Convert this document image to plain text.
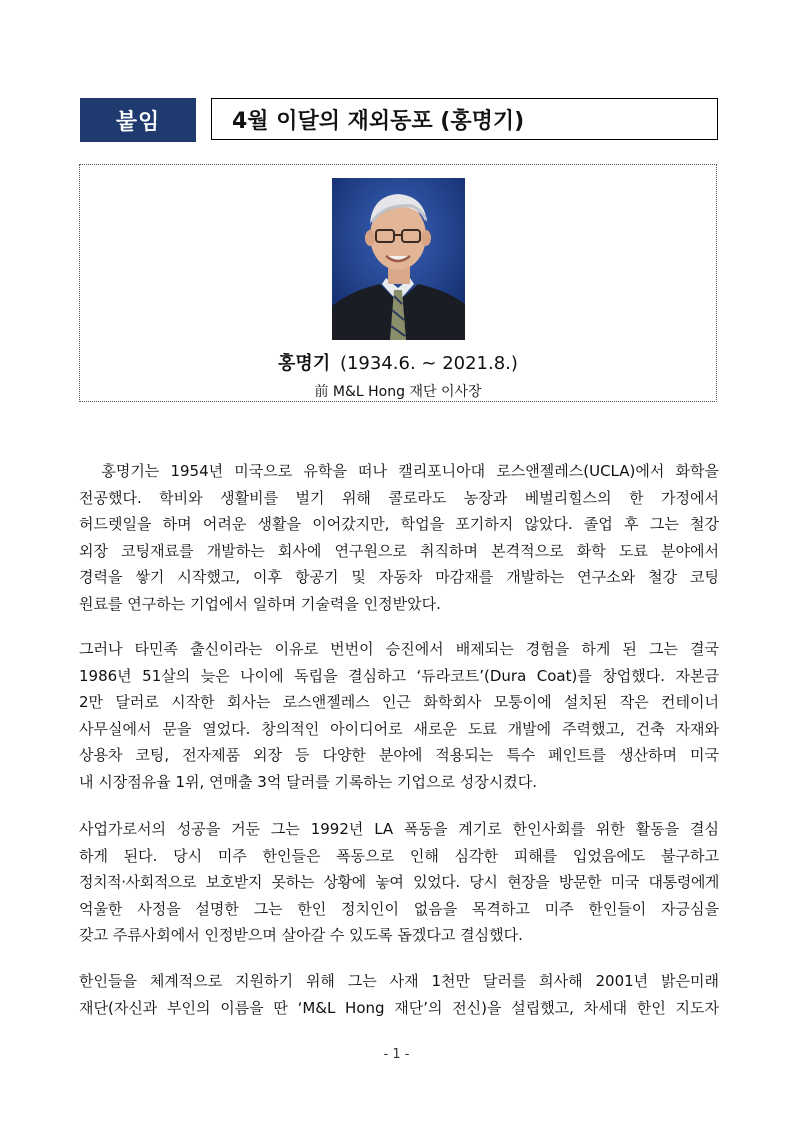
붙임	4월 이달의 재외동포 (홍명기)
홍명기 (1934.6. ~ 2021.8.)
前 M&L Hong 재단 이사장
홍명기는 1954년 미국으로 유학을 떠나 캘리포니아대 로스앤젤레스(UCLA)에서 화학을
전공했다. 학비와 생활비를 벌기 위해 콜로라도 농장과 베벌리힐스의 한 가정에서
허드렛일을 하며 어려운 생활을 이어갔지만, 학업을 포기하지 않았다. 졸업 후 그는 철강
외장 코팅재료를 개발하는 회사에 연구원으로 취직하며 본격적으로 화학 도료 분야에서
경력을 쌓기 시작했고, 이후 항공기 및 자동차 마감재를 개발하는 연구소와 철강 코팅
원료를 연구하는 기업에서 일하며 기술력을 인정받았다.
그러나 타민족 출신이라는 이유로 번번이 승진에서 배제되는 경험을 하게 된 그는 결국
1986년 51살의 늦은 나이에 독립을 결심하고 ‘듀라코트’(Dura Coat)를 창업했다. 자본금
2만 달러로 시작한 회사는 로스앤젤레스 인근 화학회사 모퉁이에 설치된 작은 컨테이너
사무실에서 문을 열었다. 창의적인 아이디어로 새로운 도료 개발에 주력했고, 건축 자재와
상용차 코팅, 전자제품 외장 등 다양한 분야에 적용되는 특수 페인트를 생산하며 미국
내 시장점유율 1위, 연매출 3억 달러를 기록하는 기업으로 성장시켰다.
사업가로서의 성공을 거둔 그는 1992년 LA 폭동을 계기로 한인사회를 위한 활동을 결심
하게 된다. 당시 미주 한인들은 폭동으로 인해 심각한 피해를 입었음에도 불구하고
정치적·사회적으로 보호받지 못하는 상황에 놓여 있었다. 당시 현장을 방문한 미국 대통령에게
억울한 사정을 설명한 그는 한인 정치인이 없음을 목격하고 미주 한인들이 자긍심을
갖고 주류사회에서 인정받으며 살아갈 수 있도록 돕겠다고 결심했다.
한인들을 체계적으로 지원하기 위해 그는 사재 1천만 달러를 희사해 2001년 밝은미래
재단(자신과 부인의 이름을 딴 ‘M&L Hong 재단’의 전신)을 설립했고, 차세대 한인 지도자
- 1 -
